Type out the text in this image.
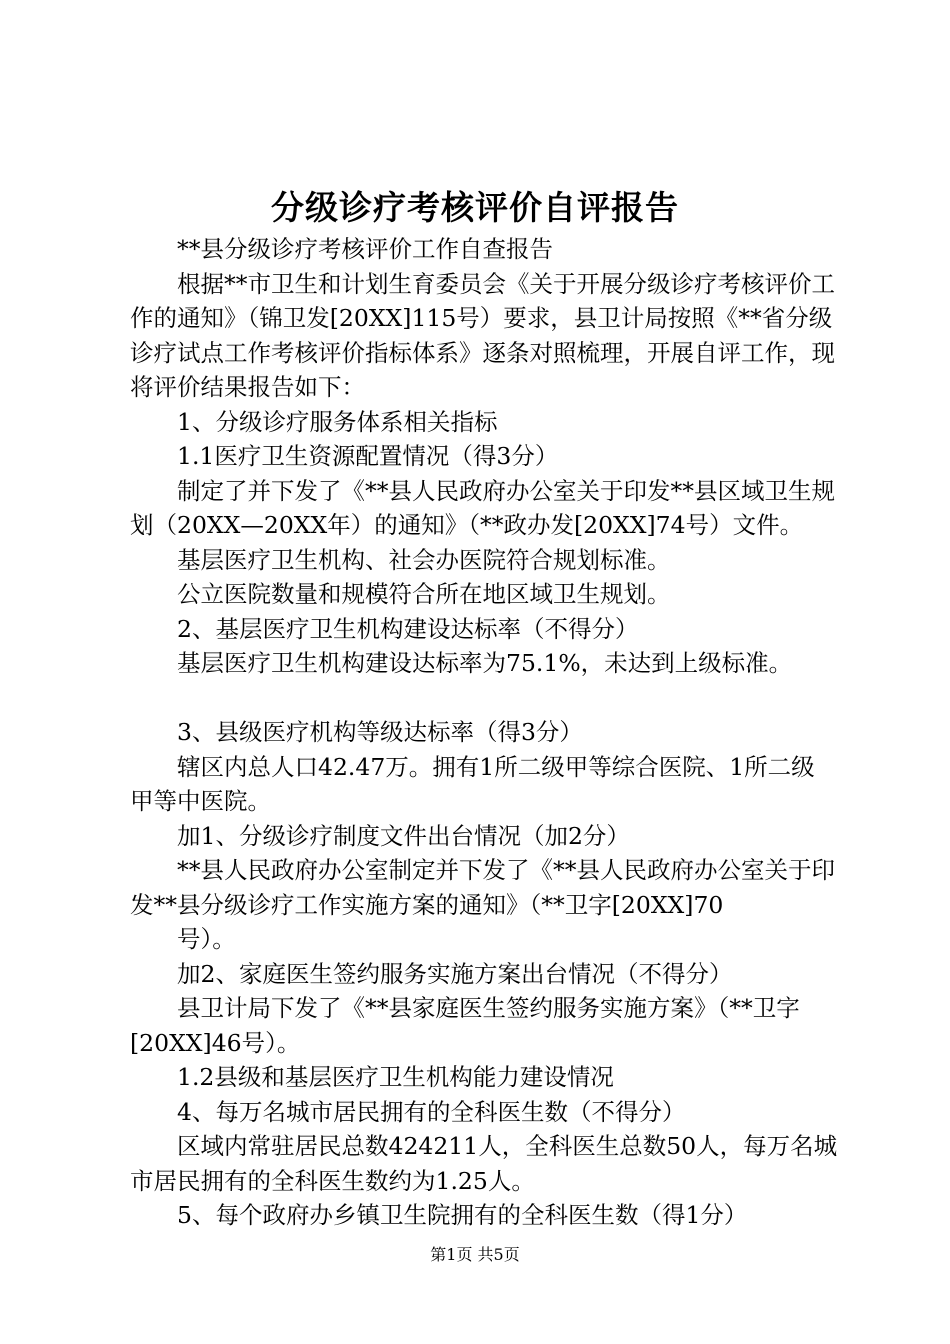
分级诊疗考核评价自评报告

**县分级诊疗考核评价工作自查报告

根据**市卫生和计划生育委员会《关于开展分级诊疗考核评价工作的通知》（锦卫发[20XX]115号）要求，县卫计局按照《**省分级诊疗试点工作考核评价指标体系》逐条对照梳理，开展自评工作，现将评价结果报告如下：

1、分级诊疗服务体系相关指标

1.1医疗卫生资源配置情况（得3分）

制定了并下发了《**县人民政府办公室关于印发**县区域卫生规划（20XX—20XX年）的通知》（**政办发[20XX]74号）文件。

基层医疗卫生机构、社会办医院符合规划标准。

公立医院数量和规模符合所在地区域卫生规划。

2、基层医疗卫生机构建设达标率（不得分）

基层医疗卫生机构建设达标率为75.1%，未达到上级标准。

3、县级医疗机构等级达标率（得3分）

辖区内总人口42.47万。拥有1所二级甲等综合医院、1所二级甲等中医院。

加1、分级诊疗制度文件出台情况（加2分）

**县人民政府办公室制定并下发了《**县人民政府办公室关于印发**县分级诊疗工作实施方案的通知》（**卫字[20XX]70

号）。

加2、家庭医生签约服务实施方案出台情况（不得分）

县卫计局下发了《**县家庭医生签约服务实施方案》（**卫字[20XX]46号）。

1.2县级和基层医疗卫生机构能力建设情况

4、每万名城市居民拥有的全科医生数（不得分）

区域内常驻居民总数424211人，全科医生总数50人，每万名城市居民拥有的全科医生数约为1.25人。

5、每个政府办乡镇卫生院拥有的全科医生数（得1分）

第1页 共5页
